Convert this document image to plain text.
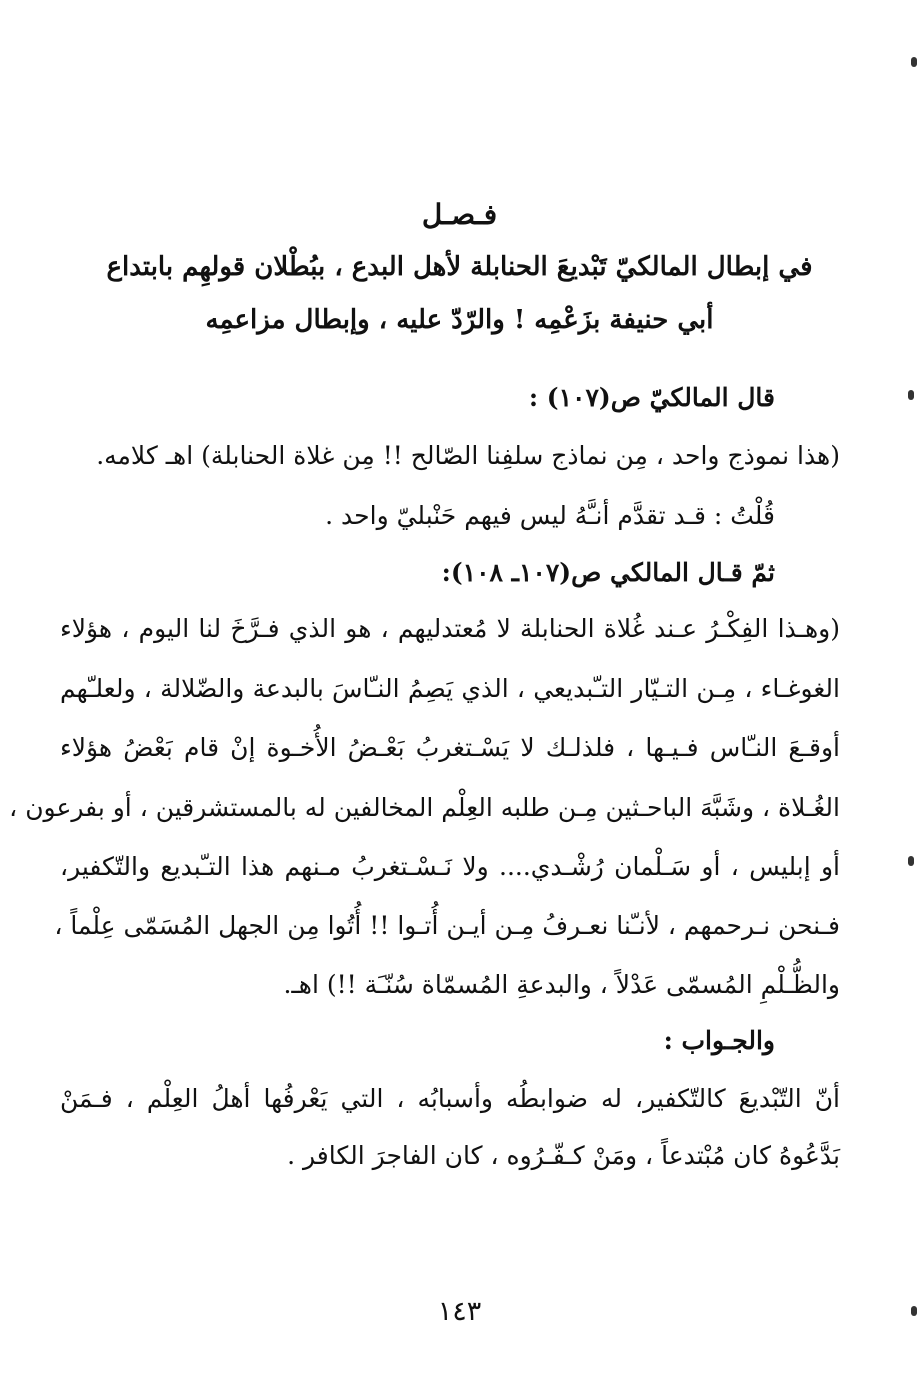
فـصـل
في إبطال المالكيّ تَبْديعَ الحنابلة لأهل البدع ، ببُطْلان قولهِم بابتداع
أبي حنيفة بزَعْمِه ! والرّدّ عليه ، وإبطال مزاعمِه
قال المالكيّ ص(١٠٧) :
(هذا نموذج واحد ، مِن نماذج سلفِنا الصّالح !! مِن غلاة الحنابلة) اهـ كلامه.
قُلْتُ : قـد تقدَّم أنـَّهُ ليس فيهم حَنْبليّ واحد .
ثمّ قـال المالكي ص(١٠٧ـ ١٠٨):
(وهـذا الفِكْـرُ عـند غُلاة الحنابلة لا مُعتدليهم ، هو الذي فـرَّخَ لنا اليوم ، هؤلاء
الغوغـاء ، مِـن التـيّار التـّبديعي ، الذي يَصِمُ النـّاسَ بالبدعة والضّلالة ، ولعلـّهم
أوقـعَ النـّاس فـيـها ، فلذلـك لا يَسْـتغربُ بَعْـضُ الأُخـوة إنْ قام بَعْضُ هؤلاء
الغُـلاة ، وشَبَّهَ الباحـثين مِـن طلبه العِلْم المخالفين له بالمستشرقين ، أو بفرعون ،
أو إبليس ، أو سَـلْمان رُشْـدي.... ولا نَـسْـتغربُ مـنهم هذا التـّبديع والتّكفير،
فـنحن نـرحمهم ، لأنـّنا نعـرفُ مِـن أيـن أُتـوا !! أُتُوا مِن الجهل المُسَمّى عِلْماً ،
والظُّـلْمِ المُسمّى عَدْلاً ، والبدعةِ المُسمّاة سُنّـَة !!) اهـ.
والجـواب :
أنّ التّبْديعَ كالتّكفير، له ضوابطُه وأسبابُه ، التي يَعْرفُها أهلُ العِلْم ، فـمَنْ
بَدَّعُوهُ كان مُبْتدعاً ، ومَنْ كـفّـرُوه ، كان الفاجرَ الكافر .
١٤٣
